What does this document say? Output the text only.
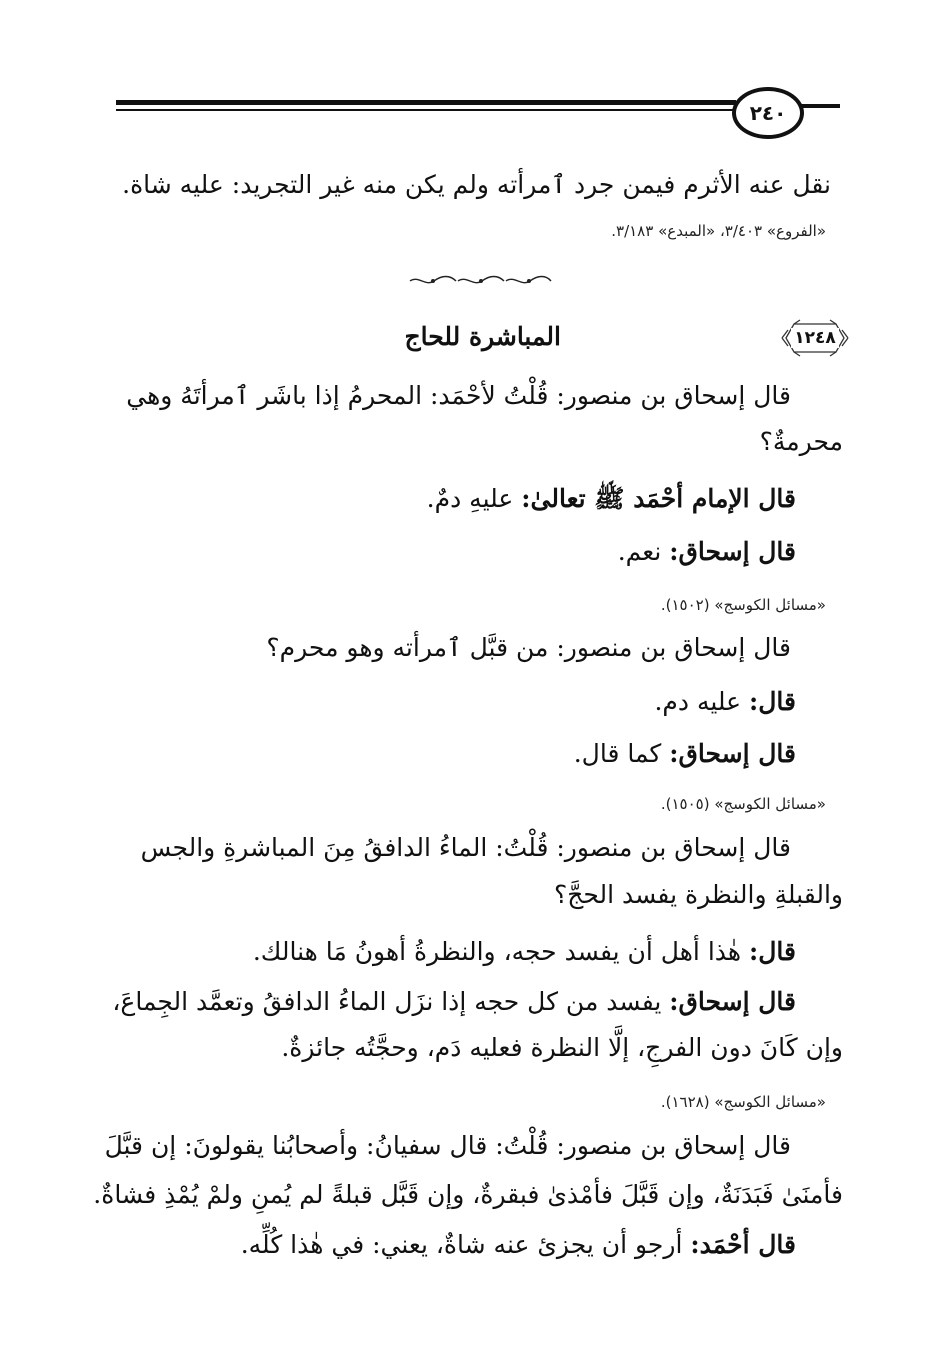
٢٤٠
نقل عنه الأثرم فيمن جرد ٱمرأته ولم يكن منه غير التجريد: عليه شاة.
«الفروع» ٣/٤٠٣، «المبدع» ٣/١٨٣.
١٢٤٨
المباشرة للحاج
قال إسحاق بن منصور: قُلْتُ لأحْمَد: المحرمُ إذا باشَر ٱمرأتَهُ وهي
محرمةٌ؟
قال الإمام أحْمَد ﷺ تعالىٰ: عليهِ دمٌ.
قال إسحاق: نعم.
«مسائل الكوسج» (١٥٠٢).
قال إسحاق بن منصور: من قبَّل ٱمرأته وهو محرم؟
قال: عليه دم.
قال إسحاق: كما قال.
«مسائل الكوسج» (١٥٠٥).
قال إسحاق بن منصور: قُلْتُ: الماءُ الدافقُ مِنَ المباشرةِ والجس
والقبلةِ والنظرة يفسد الحجَّ؟
قال: هٰذا أهل أن يفسد حجه، والنظرةُ أهونُ مَا هنالك.
قال إسحاق: يفسد من كل حجه إذا نزَل الماءُ الدافقُ وتعمَّد الجِماعَ،
وإن كَانَ دون الفرجِ، إلَّا النظرة فعليه دَم، وحجَّتُه جائزةٌ.
«مسائل الكوسج» (١٦٢٨).
قال إسحاق بن منصور: قُلْتُ: قال سفيانُ: وأصحابُنا يقولونَ: إن قبَّلَ
فأمنَىٰ فَبَدَنَةٌ، وإن قَبَّلَ فأمْذىٰ فبقرةٌ، وإن قَبَّل قبلةً لم يُمنِ ولمْ يُمْذِ فشاةٌ.
قال أحْمَد: أرجو أن يجزئ عنه شاةٌ، يعني: في هٰذا كُلِّه.
